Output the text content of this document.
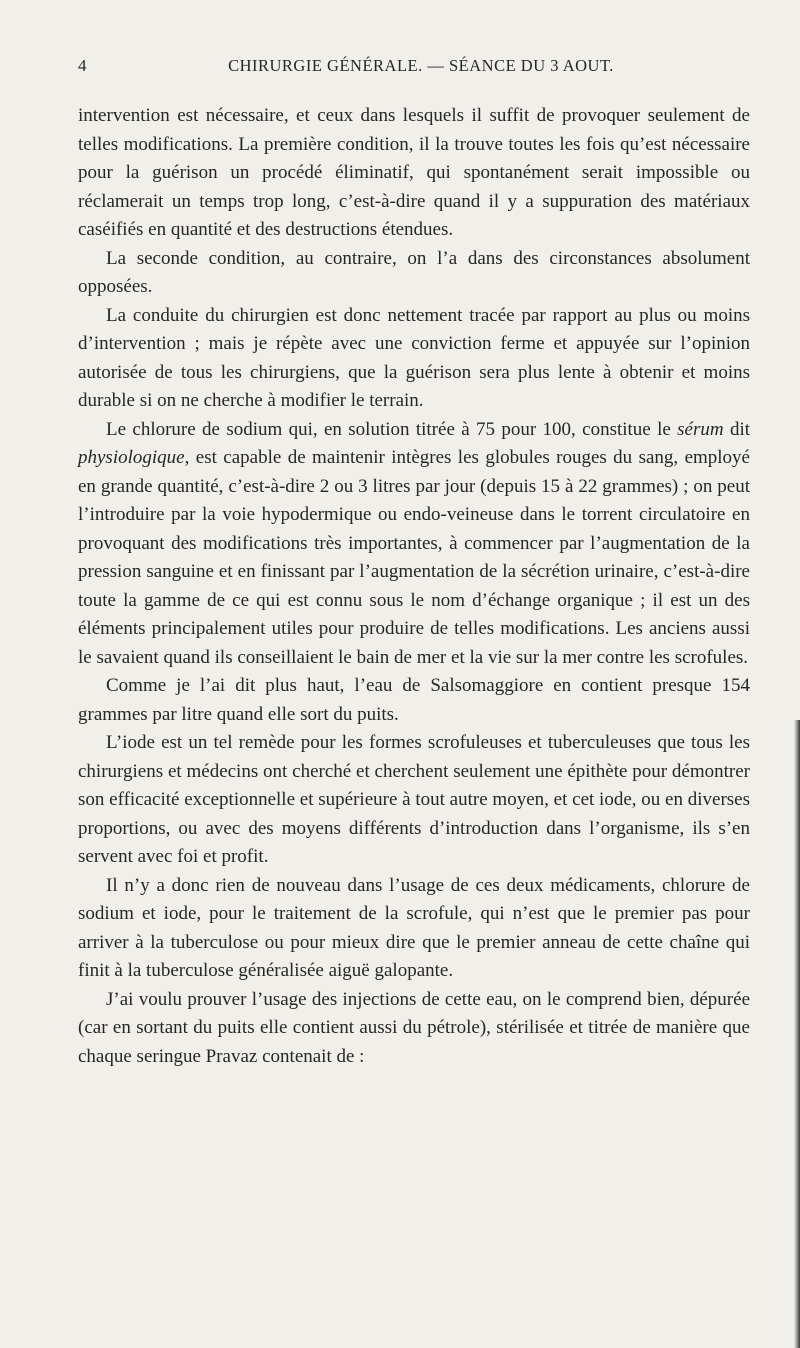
4	CHIRURGIE GÉNÉRALE. — SÉANCE DU 3 AOUT.

intervention est nécessaire, et ceux dans lesquels il suffit de provoquer seulement de telles modifications. La première condition, il la trouve toutes les fois qu’est nécessaire pour la guérison un procédé éliminatif, qui spontanément serait impossible ou réclamerait un temps trop long, c’est-à-dire quand il y a suppuration des matériaux caséifiés en quantité et des destructions étendues.

La seconde condition, au contraire, on l’a dans des circonstances absolument opposées.

La conduite du chirurgien est donc nettement tracée par rapport au plus ou moins d’intervention ; mais je répète avec une conviction ferme et appuyée sur l’opinion autorisée de tous les chirurgiens, que la guérison sera plus lente à obtenir et moins durable si on ne cherche à modifier le terrain.

Le chlorure de sodium qui, en solution titrée à 75 pour 100, constitue le sérum dit physiologique, est capable de maintenir intègres les globules rouges du sang, employé en grande quantité, c’est-à-dire 2 ou 3 litres par jour (depuis 15 à 22 grammes) ; on peut l’introduire par la voie hypodermique ou endo-veineuse dans le torrent circulatoire en provoquant des modifications très importantes, à commencer par l’augmentation de la pression sanguine et en finissant par l’augmentation de la sécrétion urinaire, c’est-à-dire toute la gamme de ce qui est connu sous le nom d’échange organique ; il est un des éléments principalement utiles pour produire de telles modifications. Les anciens aussi le savaient quand ils conseillaient le bain de mer et la vie sur la mer contre les scrofules.

Comme je l’ai dit plus haut, l’eau de Salsomaggiore en contient presque 154 grammes par litre quand elle sort du puits.

L’iode est un tel remède pour les formes scrofuleuses et tuberculeuses que tous les chirurgiens et médecins ont cherché et cherchent seulement une épithète pour démontrer son efficacité exceptionnelle et supérieure à tout autre moyen, et cet iode, ou en diverses proportions, ou avec des moyens différents d’introduction dans l’organisme, ils s’en servent avec foi et profit.

Il n’y a donc rien de nouveau dans l’usage de ces deux médicaments, chlorure de sodium et iode, pour le traitement de la scrofule, qui n’est que le premier pas pour arriver à la tuberculose ou pour mieux dire que le premier anneau de cette chaîne qui finit à la tuberculose généralisée aiguë galopante.

J’ai voulu prouver l’usage des injections de cette eau, on le comprend bien, dépurée (car en sortant du puits elle contient aussi du pétrole), stérilisée et titrée de manière que chaque seringue Pravaz contenait de :
